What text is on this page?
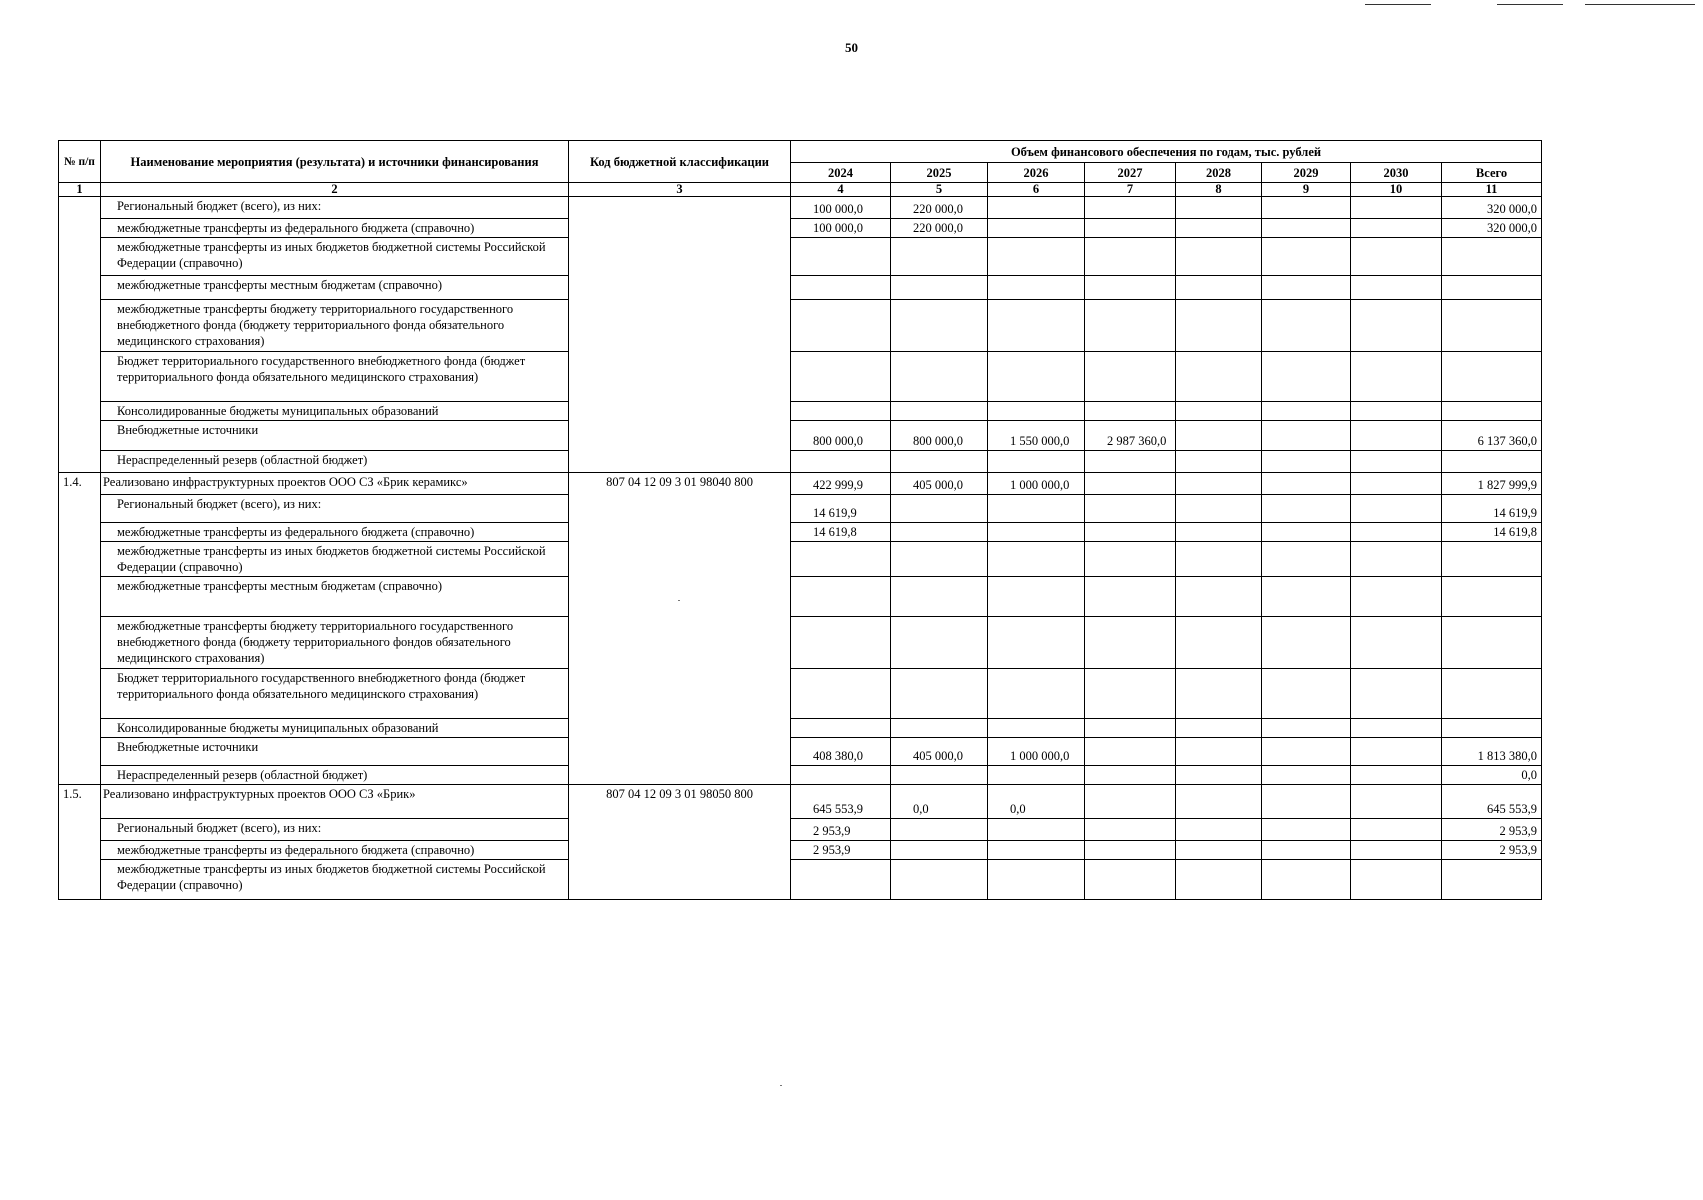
50
№ п/п	Наименование мероприятия (результата) и источники финансирования	Код бюджетной классификации	Объем финансового обеспечения по годам, тыс. рублей							
			2024	2025	2026	2027	2028	2029	2030	Всего
1	2	3	4	5	6	7	8	9	10	11
	Региональный бюджет (всего), из них:		100 000,0	220 000,0						320 000,0
	межбюджетные трансферты из федерального бюджета (справочно)		100 000,0	220 000,0						320 000,0
	межбюджетные трансферты из иных бюджетов бюджетной системы Российской Федерации (справочно)									
	межбюджетные трансферты местным бюджетам (справочно)									
	межбюджетные трансферты бюджету территориального государственного внебюджетного фонда (бюджету территориального фонда обязательного медицинского страхования)									
	Бюджет территориального государственного внебюджетного фонда (бюджет территориального фонда обязательного медицинского страхования)									
	Консолидированные бюджеты муниципальных образований									
	Внебюджетные источники		800 000,0	800 000,0	1 550 000,0	2 987 360,0				6 137 360,0
	Нераспределенный резерв (областной бюджет)									
1.4.	Реализовано инфраструктурных проектов ООО СЗ «Брик керамикс»	807 04 12 09 3 01 98040 800	422 999,9	405 000,0	1 000 000,0					1 827 999,9
	Региональный бюджет (всего), из них:		14 619,9							14 619,9
	межбюджетные трансферты из федерального бюджета (справочно)		14 619,8							14 619,8
	межбюджетные трансферты из иных бюджетов бюджетной системы Российской Федерации (справочно)									
	межбюджетные трансферты местным бюджетам (справочно)									
	межбюджетные трансферты бюджету территориального государственного внебюджетного фонда (бюджету территориального фондов обязательного медицинского страхования)									
	Бюджет территориального государственного внебюджетного фонда (бюджет территориального фонда обязательного медицинского страхования)									
	Консолидированные бюджеты муниципальных образований									
	Внебюджетные источники		408 380,0	405 000,0	1 000 000,0					1 813 380,0
	Нераспределенный резерв (областной бюджет)									0,0
1.5.	Реализовано инфраструктурных проектов ООО СЗ «Брик»	807 04 12 09 3 01 98050 800	645 553,9	0,0	0,0					645 553,9
	Региональный бюджет (всего), из них:		2 953,9							2 953,9
	межбюджетные трансферты из федерального бюджета (справочно)		2 953,9							2 953,9
	межбюджетные трансферты из иных бюджетов бюджетной системы Российской Федерации (справочно)									
